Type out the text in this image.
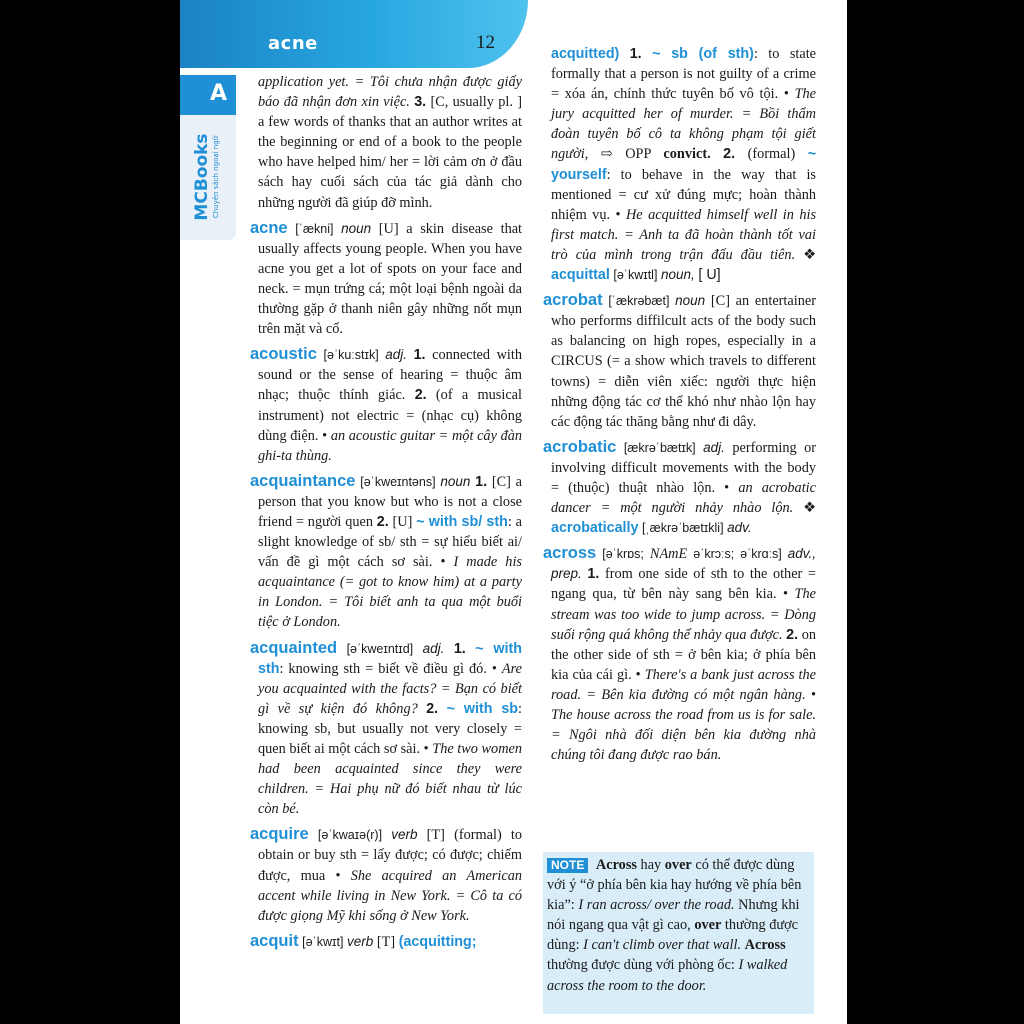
acne	12
A
MCBooks Chuyên sách ngoại ngữ

application yet. = Tôi chưa nhận được giấy báo đã nhận đơn xin việc. 3. [C, usually pl. ] a few words of thanks that an author writes at the beginning or end of a book to the people who have helped him/ her = lời cảm ơn ở đầu sách hay cuối sách của tác giả dành cho những người đã giúp đỡ mình.

acne [ˈækni] noun [U] a skin disease that usually affects young people. When you have acne you get a lot of spots on your face and neck. = mụn trứng cá; một loại bệnh ngoài da thường gặp ở thanh niên gây những nốt mụn trên mặt và cổ.

acoustic [əˈkuːstɪk] adj. 1. connected with sound or the sense of hearing = thuộc âm nhạc; thuộc thính giác. 2. (of a musical instrument) not electric = (nhạc cụ) không dùng điện. • an acoustic guitar = một cây đàn ghi-ta thùng.

acquaintance [əˈkweɪntəns] noun 1. [C] a person that you know but who is not a close friend = người quen 2. [U] ~ with sb/ sth: a slight knowledge of sb/ sth = sự hiểu biết ai/ vấn đề gì một cách sơ sài. • I made his acquaintance (= got to know him) at a party in London. = Tôi biết anh ta qua một buổi tiệc ở London.

acquainted [əˈkweɪntɪd] adj. 1. ~ with sth: knowing sth = biết về điều gì đó. • Are you acquainted with the facts? = Bạn có biết gì về sự kiện đó không? 2. ~ with sb: knowing sb, but usually not very closely = quen biết ai một cách sơ sài. • The two women had been acquainted since they were children. = Hai phụ nữ đó biết nhau từ lúc còn bé.

acquire [əˈkwaɪə(r)] verb [T] (formal) to obtain or buy sth = lấy được; có được; chiếm được, mua • She acquired an American accent while living in New York. = Cô ta có được giọng Mỹ khi sống ở New York.

acquit [əˈkwɪt] verb [T] (acquitting;

acquitted) 1. ~ sb (of sth): to state formally that a person is not guilty of a crime = xóa án, chính thức tuyên bố vô tội. • The jury acquitted her of murder. = Bồi thẩm đoàn tuyên bố cô ta không phạm tội giết người, ⇨ OPP convict. 2. (formal) ~ yourself: to behave in the way that is mentioned = cư xử đúng mực; hoàn thành nhiệm vụ. • He acquitted himself well in his first match. = Anh ta đã hoàn thành tốt vai trò của mình trong trận đấu đầu tiên. ❖ acquittal [əˈkwɪtl] noun, [ U]

acrobat [ˈækrəbæt] noun [C] an entertainer who performs diffilcult acts of the body such as balancing on high ropes, especially in a CIRCUS (= a show which travels to different towns) = diễn viên xiếc: người thực hiện những động tác cơ thể khó như nhào lộn hay các động tác thăng bằng như đi dây.

acrobatic [ækrəˈbætɪk] adj. performing or involving difficult movements with the body = (thuộc) thuật nhào lộn. • an acrobatic dancer = một người nhảy nhào lộn. ❖ acrobatically [ˌækrəˈbætɪkli] adv.

across [əˈkrɒs; NAmE əˈkrɔːs; əˈkrɑːs] adv., prep. 1. from one side of sth to the other = ngang qua, từ bên này sang bên kia. • The stream was too wide to jump across. = Dòng suối rộng quá không thể nhảy qua được. 2. on the other side of sth = ở bên kia; ở phía bên kia của cái gì. • There's a bank just across the road. = Bên kia đường có một ngân hàng. • The house across the road from us is for sale. = Ngôi nhà đối diện bên kia đường nhà chúng tôi đang được rao bán.

NOTE Across hay over có thể được dùng với ý “ở phía bên kia hay hướng về phía bên kia”: I ran across/ over the road. Nhưng khi nói ngang qua vật gì cao, over thường được dùng: I can't climb over that wall. Across thường được dùng với phòng ốc: I walked across the room to the door.
